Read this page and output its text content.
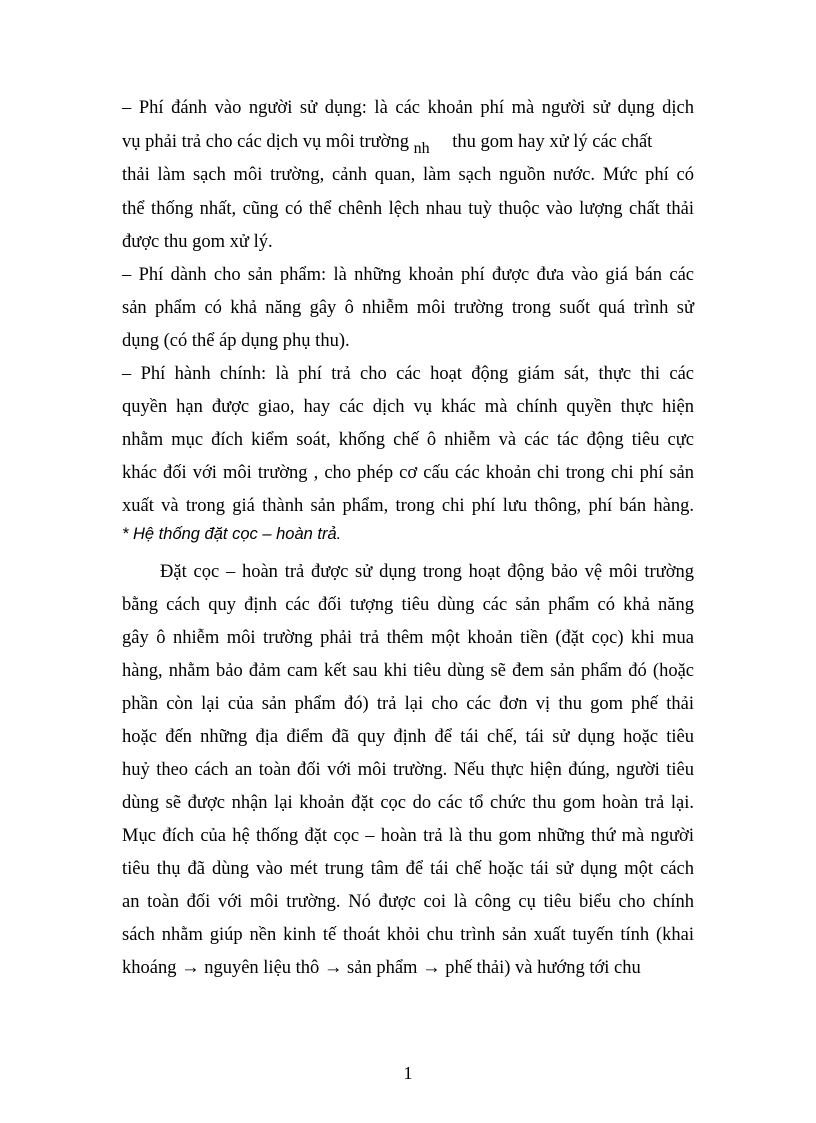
– Phí đánh vào người sử dụng: là các khoản phí mà người sử dụng dịch
vụ phải trả cho các dịch vụ môi trường nh thu gom hay xử lý các chất
thải làm sạch môi trường, cảnh quan, làm sạch nguồn nước. Mức phí có
thể thống nhất, cũng có thể chênh lệch nhau tuỳ thuộc vào lượng chất thải
được thu gom xử lý.
– Phí dành cho sản phẩm: là những khoản phí được đưa vào giá bán các
sản phẩm có khả năng gây ô nhiễm môi trường trong suốt quá trình sử
dụng (có thể áp dụng phụ thu).
– Phí hành chính: là phí trả cho các hoạt động giám sát, thực thi các
quyền hạn được giao, hay các dịch vụ khác mà chính quyền thực hiện
nhằm mục đích kiểm soát, khống chế ô nhiễm và các tác động tiêu cực
khác đối với môi trường , cho phép cơ cấu các khoản chi trong chi phí sản
xuất và trong giá thành sản phẩm, trong chi phí lưu thông, phí bán hàng.
* Hệ thống đặt cọc – hoàn trả.
Đặt cọc – hoàn trả được sử dụng trong hoạt động bảo vệ môi trường
bằng cách quy định các đối tượng tiêu dùng các sản phẩm có khả năng
gây ô nhiễm môi trường phải trả thêm một khoản tiền (đặt cọc) khi mua
hàng, nhằm bảo đảm cam kết sau khi tiêu dùng sẽ đem sản phẩm đó (hoặc
phần còn lại của sản phẩm đó) trả lại cho các đơn vị thu gom phế thải
hoặc đến những địa điểm đã quy định để tái chế, tái sử dụng hoặc tiêu
huỷ theo cách an toàn đối với môi trường. Nếu thực hiện đúng, người tiêu
dùng sẽ được nhận lại khoản đặt cọc do các tổ chức thu gom hoàn trả lại.
Mục đích của hệ thống đặt cọc – hoàn trả là thu gom những thứ mà người
tiêu thụ đã dùng vào mét trung tâm để tái chế hoặc tái sử dụng một cách
an toàn đối với môi trường. Nó được coi là công cụ tiêu biểu cho chính
sách nhằm giúp nền kinh tế thoát khỏi chu trình sản xuất tuyến tính (khai
khoáng → nguyên liệu thô → sản phẩm → phế thải) và hướng tới chu
1
